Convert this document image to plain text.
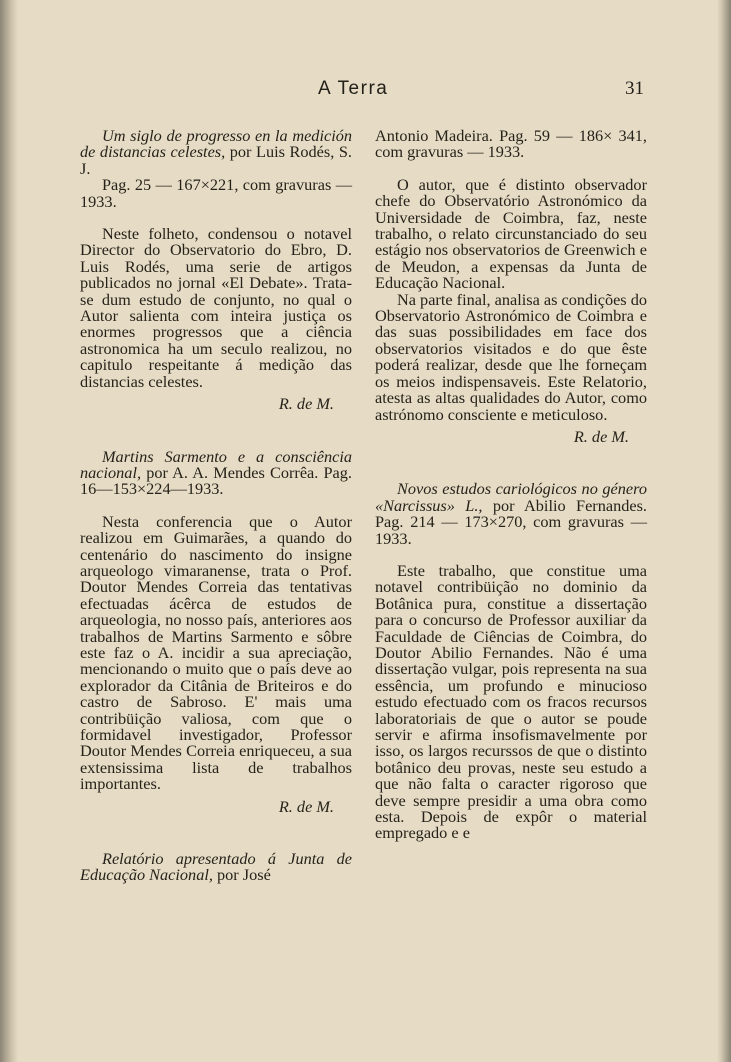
A Terra	31

Um siglo de progresso en la medición de distancias celestes, por Luis Rodés, S. J.

Pag. 25 — 167×221, com gravuras — 1933.

Neste folheto, condensou o notavel Director do Observatorio do Ebro, D. Luis Rodés, uma serie de artigos publicados no jornal «El Debate». Trata-se dum estudo de conjunto, no qual o Autor salienta com inteira justiça os enormes progressos que a ciência astronomica ha um seculo realizou, no capitulo respeitante á medição das distancias celestes.

R. de M.

Martins Sarmento e a consciência nacional, por A. A. Mendes Corrêa. Pag. 16—153×224—1933.

Nesta conferencia que o Autor realizou em Guimarães, a quando do centenário do nascimento do insigne arqueologo vimaranense, trata o Prof. Doutor Mendes Correia das tentativas efectuadas ácêrca de estudos de arqueologia, no nosso país, anteriores aos trabalhos de Martins Sarmento e sôbre este faz o A. incidir a sua apreciação, mencionando o muito que o país deve ao explorador da Citânia de Briteiros e do castro de Sabroso. E' mais uma contribüição valiosa, com que o formidavel investigador, Professor Doutor Mendes Correia enriqueceu, a sua extensissima lista de trabalhos importantes.

R. de M.

Relatório apresentado á Junta de Educação Nacional, por José

Antonio Madeira. Pag. 59 — 186× 341, com gravuras — 1933.

O autor, que é distinto observador chefe do Observatório Astronómico da Universidade de Coimbra, faz, neste trabalho, o relato circunstanciado do seu estágio nos observatorios de Greenwich e de Meudon, a expensas da Junta de Educação Nacional.

Na parte final, analisa as condições do Observatorio Astronómico de Coimbra e das suas possibilidades em face dos observatorios visitados e do que êste poderá realizar, desde que lhe forneçam os meios indispensaveis. Este Relatorio, atesta as altas qualidades do Autor, como astrónomo consciente e meticuloso.

R. de M.

Novos estudos cariológicos no género «Narcissus» L., por Abilio Fernandes. Pag. 214 — 173×270, com gravuras — 1933.

Este trabalho, que constitue uma notavel contribüição no dominio da Botânica pura, constitue a dissertação para o concurso de Professor auxiliar da Faculdade de Ciências de Coimbra, do Doutor Abilio Fernandes. Não é uma dissertação vulgar, pois representa na sua essência, um profundo e minucioso estudo efectuado com os fracos recursos laboratoriais de que o autor se poude servir e afirma insofismavelmente por isso, os largos recurssos de que o distinto botânico deu provas, neste seu estudo a que não falta o caracter rigoroso que deve sempre presidir a uma obra como esta. Depois de expôr o material empregado e e
